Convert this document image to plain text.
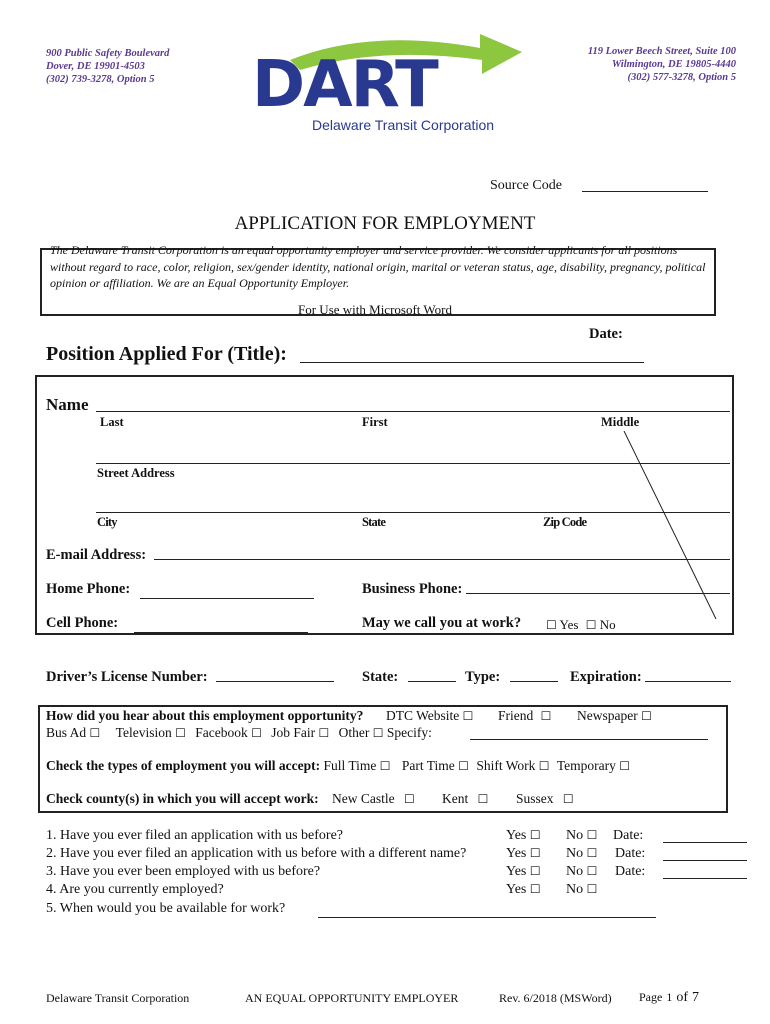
900 Public Safety Boulevard
Dover, DE 19901-4503
(302) 739-3278, Option 5
119 Lower Beech Street, Suite 100
Wilmington, DE 19805-4440
(302) 577-3278, Option 5
DART
Delaware Transit Corporation
Source Code
APPLICATION FOR EMPLOYMENT
The Delaware Transit Corporation is an equal opportunity employer and service provider. We consider applicants for all positions without regard to race, color, religion, sex/gender identity, national origin, marital or veteran status, age, disability, pregnancy, political opinion or affiliation. We are an Equal Opportunity Employer.
For Use with Microsoft Word
Date:
Position Applied For (Title):
Name
Last	First	Middle
Street Address
City	State	Zip Code
E-mail Address:
Home Phone:	Business Phone:
Cell Phone:	May we call you at work? ☐ Yes ☐ No
Driver’s License Number:	State:	Type:	Expiration:
How did you hear about this employment opportunity? DTC Website ☐ Friend ☐ Newspaper ☐
Bus Ad ☐ Television ☐ Facebook ☐ Job Fair ☐ Other ☐ Specify:
Check the types of employment you will accept: Full Time ☐ Part Time ☐ Shift Work ☐ Temporary ☐
Check county(s) in which you will accept work: New Castle ☐ Kent ☐ Sussex ☐
1. Have you ever filed an application with us before?	Yes ☐ No ☐ Date:
2. Have you ever filed an application with us before with a different name?	Yes ☐ No ☐ Date:
3. Have you ever been employed with us before?	Yes ☐ No ☐ Date:
4. Are you currently employed?	Yes ☐ No ☐
5. When would you be available for work?
Delaware Transit Corporation	AN EQUAL OPPORTUNITY EMPLOYER	Rev. 6/2018 (MSWord) Page 1 of 7
